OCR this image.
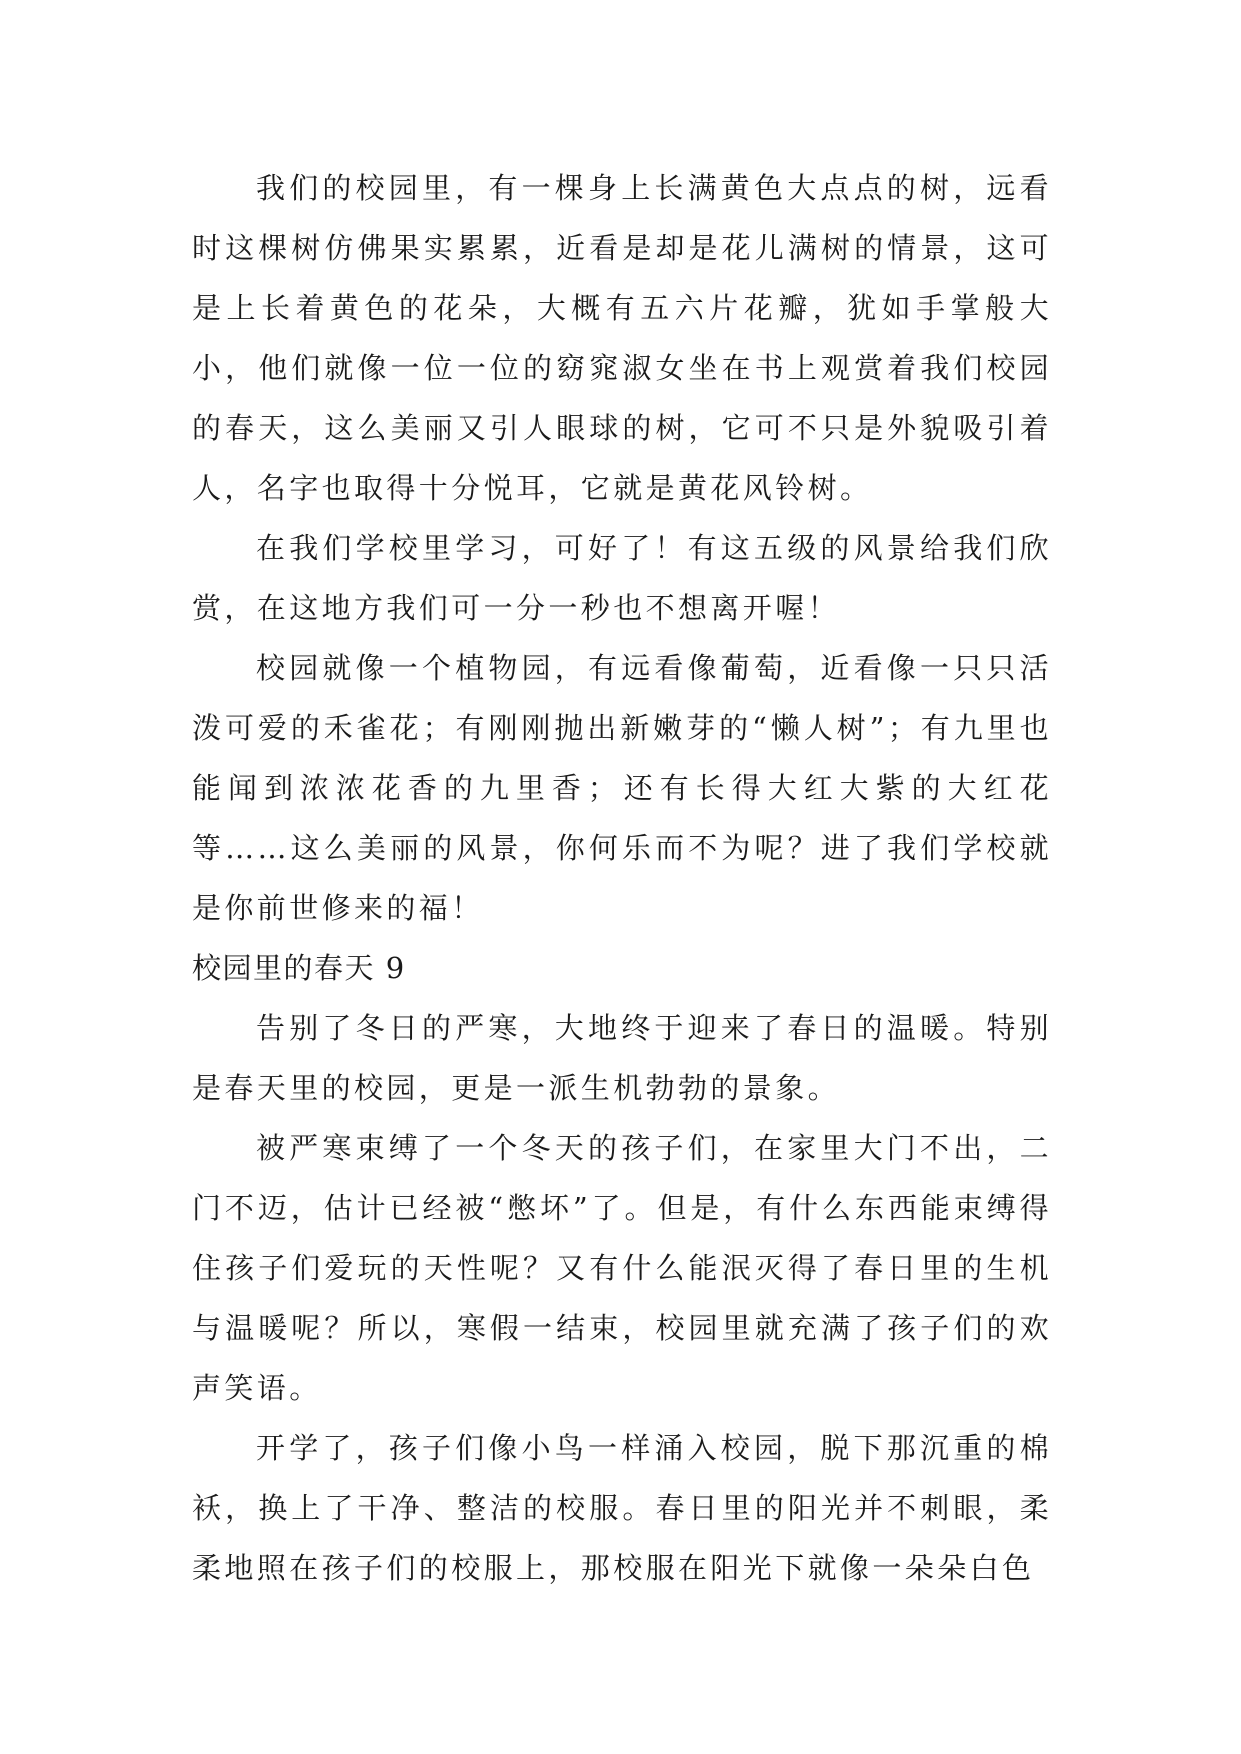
我们的校园里，有一棵身上长满黄色大点点的树，远看时这棵树仿佛果实累累，近看是却是花儿满树的情景，这可是上长着黄色的花朵，大概有五六片花瓣，犹如手掌般大小，他们就像一位一位的窈窕淑女坐在书上观赏着我们校园的春天，这么美丽又引人眼球的树，它可不只是外貌吸引着人，名字也取得十分悦耳，它就是黄花风铃树。

在我们学校里学习，可好了！有这五级的风景给我们欣赏，在这地方我们可一分一秒也不想离开喔！

校园就像一个植物园，有远看像葡萄，近看像一只只活泼可爱的禾雀花；有刚刚抛出新嫩芽的“懒人树”；有九里也能闻到浓浓花香的九里香；还有长得大红大紫的大红花等……这么美丽的风景，你何乐而不为呢？进了我们学校就是你前世修来的福！

校园里的春天 9

告别了冬日的严寒，大地终于迎来了春日的温暖。特别是春天里的校园，更是一派生机勃勃的景象。

被严寒束缚了一个冬天的孩子们，在家里大门不出，二门不迈，估计已经被“憋坏”了。但是，有什么东西能束缚得住孩子们爱玩的天性呢？又有什么能泯灭得了春日里的生机与温暖呢？所以，寒假一结束，校园里就充满了孩子们的欢声笑语。

开学了，孩子们像小鸟一样涌入校园，脱下那沉重的棉袄，换上了干净、整洁的校服。春日里的阳光并不刺眼，柔柔地照在孩子们的校服上，那校服在阳光下就像一朵朵白色
